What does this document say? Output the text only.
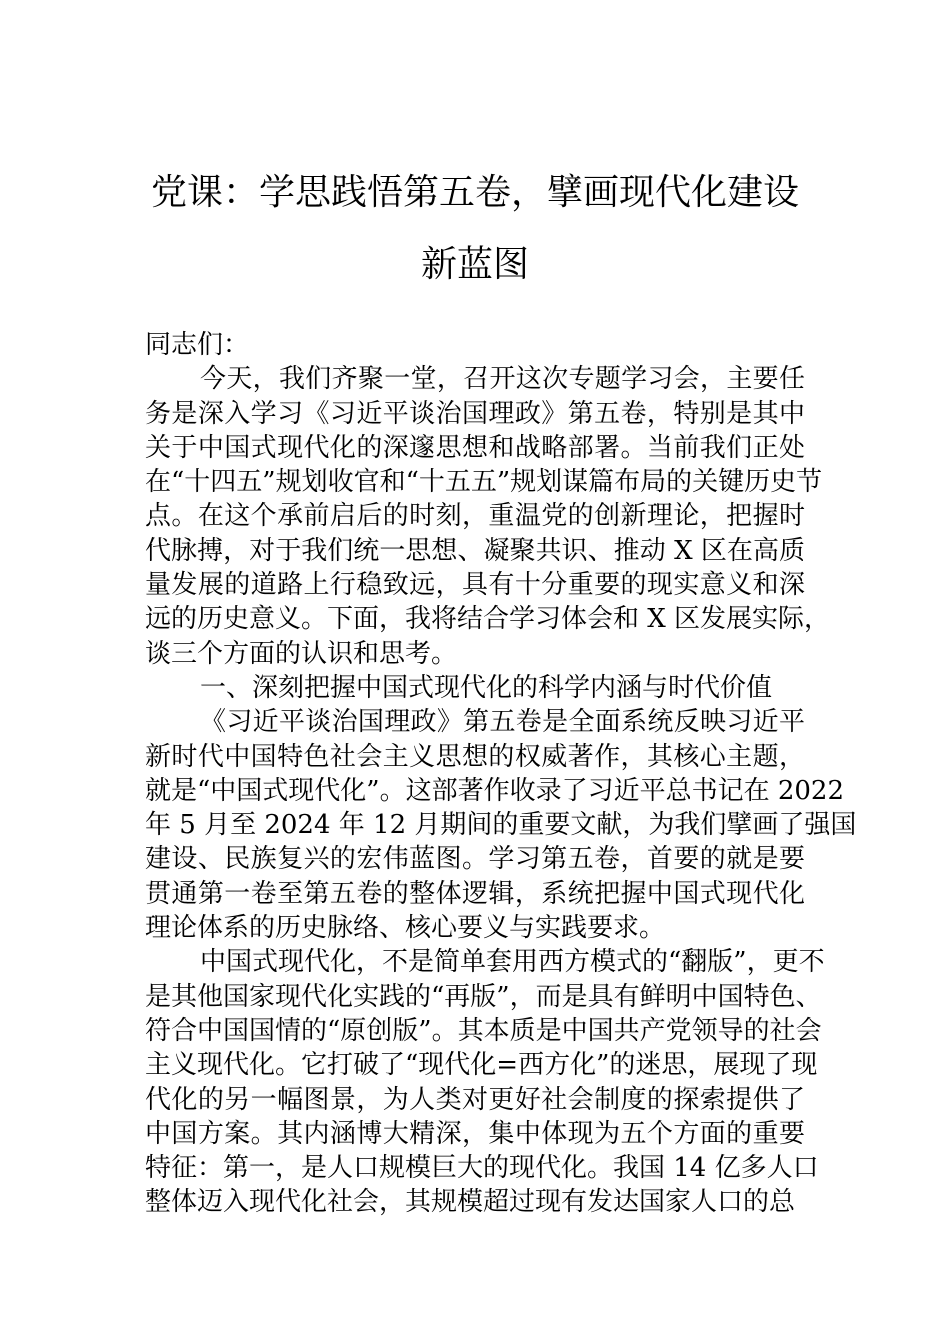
党课：学思践悟第五卷，擘画现代化建设
新蓝图
同志们：
今天，我们齐聚一堂，召开这次专题学习会，主要任
务是深入学习《习近平谈治国理政》第五卷，特别是其中
关于中国式现代化的深邃思想和战略部署。当前我们正处
在“十四五”规划收官和“十五五”规划谋篇布局的关键历史节
点。在这个承前启后的时刻，重温党的创新理论，把握时
代脉搏，对于我们统一思想、凝聚共识、推动 X 区在高质
量发展的道路上行稳致远，具有十分重要的现实意义和深
远的历史意义。下面，我将结合学习体会和 X 区发展实际，
谈三个方面的认识和思考。
一、深刻把握中国式现代化的科学内涵与时代价值
《习近平谈治国理政》第五卷是全面系统反映习近平
新时代中国特色社会主义思想的权威著作，其核心主题，
就是“中国式现代化”。这部著作收录了习近平总书记在 2022
年 5 月至 2024 年 12 月期间的重要文献，为我们擘画了强国
建设、民族复兴的宏伟蓝图。学习第五卷，首要的就是要
贯通第一卷至第五卷的整体逻辑，系统把握中国式现代化
理论体系的历史脉络、核心要义与实践要求。
中国式现代化，不是简单套用西方模式的“翻版”，更不
是其他国家现代化实践的“再版”，而是具有鲜明中国特色、
符合中国国情的“原创版”。其本质是中国共产党领导的社会
主义现代化。它打破了“现代化=西方化”的迷思，展现了现
代化的另一幅图景，为人类对更好社会制度的探索提供了
中国方案。其内涵博大精深，集中体现为五个方面的重要
特征：第一，是人口规模巨大的现代化。我国 14 亿多人口
整体迈入现代化社会，其规模超过现有发达国家人口的总
